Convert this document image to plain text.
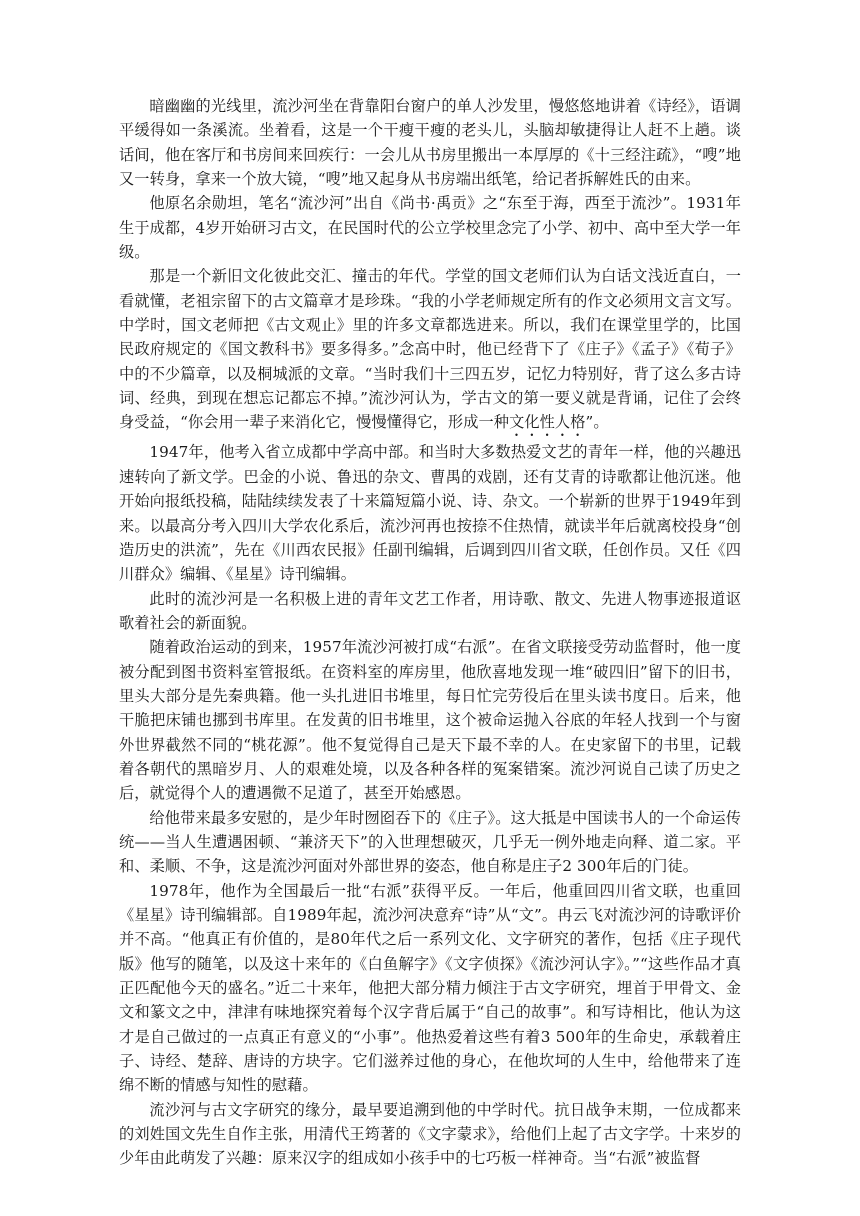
暗幽幽的光线里，流沙河坐在背靠阳台窗户的单人沙发里，慢悠悠地讲着《诗经》，语调平缓得如一条溪流。坐着看，这是一个干瘦干瘦的老头儿，头脑却敏捷得让人赶不上趟。谈话间，他在客厅和书房间来回疾行：一会儿从书房里搬出一本厚厚的《十三经注疏》，“嗖”地又一转身，拿来一个放大镜，“嗖”地又起身从书房端出纸笔，给记者拆解姓氏的由来。

他原名余勋坦，笔名“流沙河”出自《尚书·禹贡》之“东至于海，西至于流沙”。1931年生于成都，4岁开始研习古文，在民国时代的公立学校里念完了小学、初中、高中至大学一年级。

那是一个新旧文化彼此交汇、撞击的年代。学堂的国文老师们认为白话文浅近直白，一看就懂，老祖宗留下的古文篇章才是珍珠。“我的小学老师规定所有的作文必须用文言文写。中学时，国文老师把《古文观止》里的许多文章都选进来。所以，我们在课堂里学的，比国民政府规定的《国文教科书》要多得多。”念高中时，他已经背下了《庄子》《孟子》《荀子》中的不少篇章，以及桐城派的文章。“当时我们十三四五岁，记忆力特别好，背了这么多古诗词、经典，到现在想忘记都忘不掉。”流沙河认为，学古文的第一要义就是背诵，记住了会终身受益，“你会用一辈子来消化它，慢慢懂得它，形成一种文化性人格”。

1947年，他考入省立成都中学高中部。和当时大多数热爱文艺的青年一样，他的兴趣迅速转向了新文学。巴金的小说、鲁迅的杂文、曹禺的戏剧，还有艾青的诗歌都让他沉迷。他开始向报纸投稿，陆陆续续发表了十来篇短篇小说、诗、杂文。一个崭新的世界于1949年到来。以最高分考入四川大学农化系后，流沙河再也按捺不住热情，就读半年后就离校投身“创造历史的洪流”，先在《川西农民报》任副刊编辑，后调到四川省文联，任创作员。又任《四川群众》编辑、《星星》诗刊编辑。

此时的流沙河是一名积极上进的青年文艺工作者，用诗歌、散文、先进人物事迹报道讴歌着社会的新面貌。

随着政治运动的到来，1957年流沙河被打成“右派”。在省文联接受劳动监督时，他一度被分配到图书资料室管报纸。在资料室的库房里，他欣喜地发现一堆“破四旧”留下的旧书，里头大部分是先秦典籍。他一头扎进旧书堆里，每日忙完劳役后在里头读书度日。后来，他干脆把床铺也挪到书库里。在发黄的旧书堆里，这个被命运抛入谷底的年轻人找到一个与窗外世界截然不同的“桃花源”。他不复觉得自己是天下最不幸的人。在史家留下的书里，记载着各朝代的黑暗岁月、人的艰难处境，以及各种各样的冤案错案。流沙河说自己读了历史之后，就觉得个人的遭遇微不足道了，甚至开始感恩。

给他带来最多安慰的，是少年时囫囵吞下的《庄子》。这大抵是中国读书人的一个命运传统——当人生遭遇困顿、“兼济天下”的入世理想破灭，几乎无一例外地走向释、道二家。平和、柔顺、不争，这是流沙河面对外部世界的姿态，他自称是庄子2 300年后的门徒。

1978年，他作为全国最后一批“右派”获得平反。一年后，他重回四川省文联，也重回《星星》诗刊编辑部。自1989年起，流沙河决意弃“诗”从“文”。冉云飞对流沙河的诗歌评价并不高。“他真正有价值的，是80年代之后一系列文化、文字研究的著作，包括《庄子现代版》他写的随笔，以及这十来年的《白鱼解字》《文字侦探》《流沙河认字》。”“这些作品才真正匹配他今天的盛名。”近二十来年，他把大部分精力倾注于古文字研究，埋首于甲骨文、金文和篆文之中，津津有味地探究着每个汉字背后属于“自己的故事”。和写诗相比，他认为这才是自己做过的一点真正有意义的“小事”。他热爱着这些有着3 500年的生命史，承载着庄子、诗经、楚辞、唐诗的方块字。它们滋养过他的身心，在他坎坷的人生中，给他带来了连绵不断的情感与知性的慰藉。

流沙河与古文字研究的缘分，最早要追溯到他的中学时代。抗日战争末期，一位成都来的刘姓国文先生自作主张，用清代王筠著的《文字蒙求》，给他们上起了古文字学。十来岁的少年由此萌发了兴趣：原来汉字的组成如小孩手中的七巧板一样神奇。当“右派”被监督
